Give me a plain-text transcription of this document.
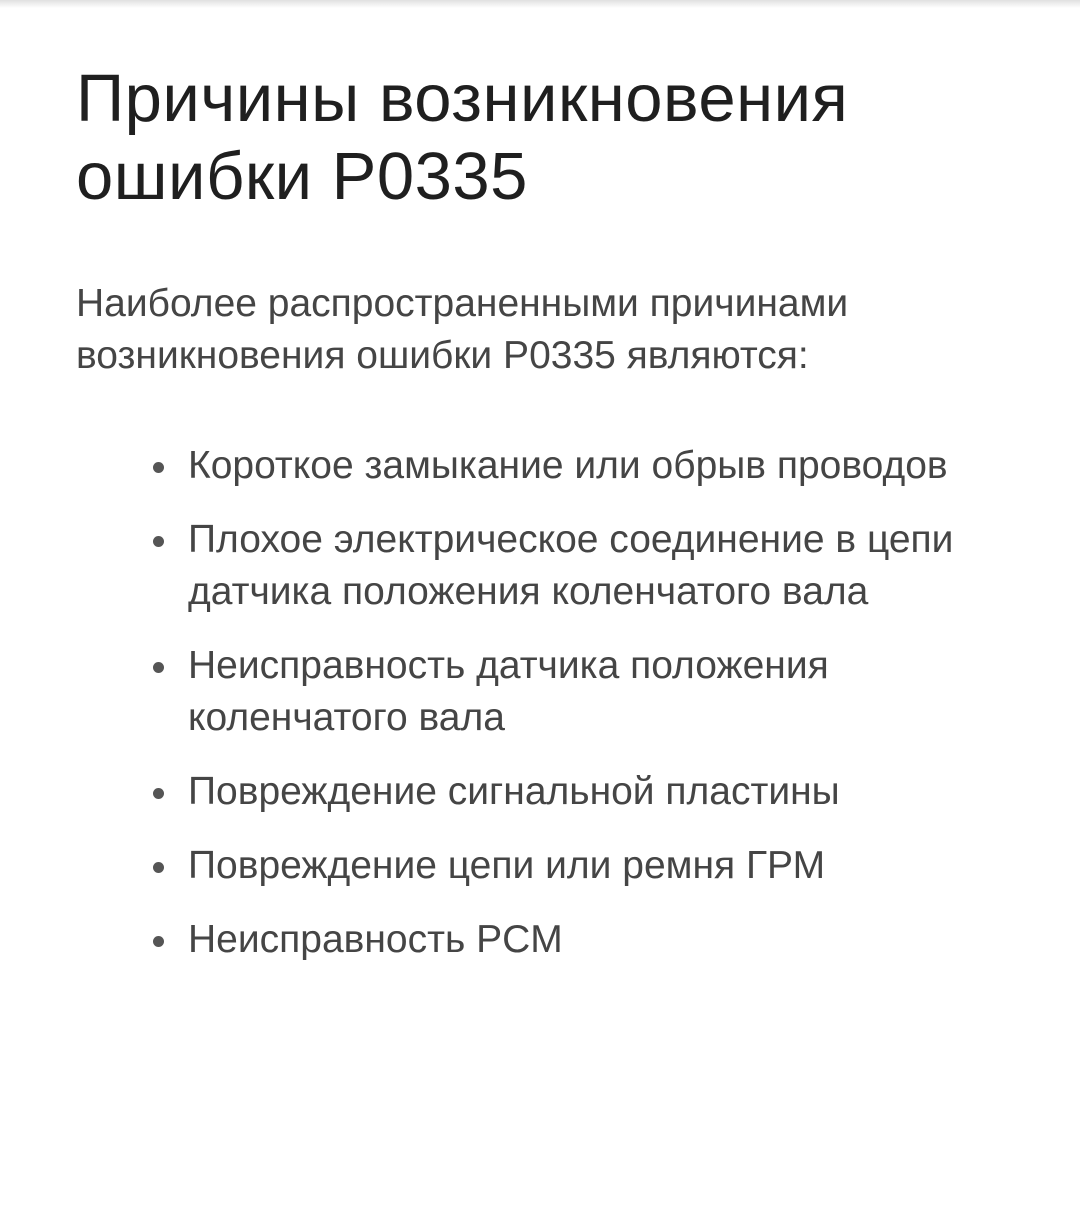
Причины возникновения ошибки P0335

Наиболее распространенными причинами возникновения ошибки P0335 являются:

Короткое замыкание или обрыв проводов
Плохое электрическое соединение в цепи датчика положения коленчатого вала
Неисправность датчика положения коленчатого вала
Повреждение сигнальной пластины
Повреждение цепи или ремня ГРМ
Неисправность PCM
